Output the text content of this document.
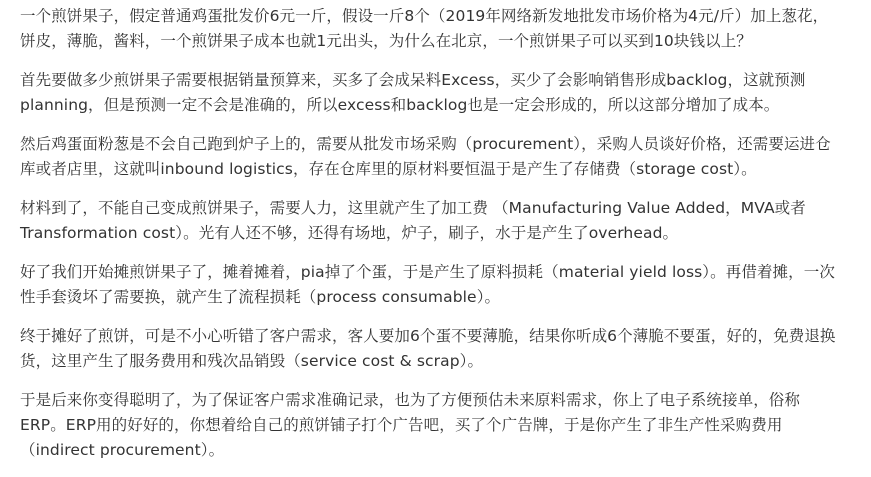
一个煎饼果子，假定普通鸡蛋批发价6元一斤，假设一斤8个（2019年网络新发地批发市场价格为4元/斤）加上葱花，
饼皮，薄脆，酱料，一个煎饼果子成本也就1元出头，为什么在北京，一个煎饼果子可以买到10块钱以上？

首先要做多少煎饼果子需要根据销量预算来，买多了会成呆料Excess，买少了会影响销售形成backlog，这就预测
planning，但是预测一定不会是准确的，所以excess和backlog也是一定会形成的，所以这部分增加了成本。

然后鸡蛋面粉葱是不会自己跑到炉子上的，需要从批发市场采购（procurement），采购人员谈好价格，还需要运进仓
库或者店里，这就叫inbound logistics，存在仓库里的原材料要恒温于是产生了存储费（storage cost）。

材料到了，不能自己变成煎饼果子，需要人力，这里就产生了加工费 （Manufacturing Value Added，MVA或者
Transformation cost）。光有人还不够，还得有场地，炉子，刷子，水于是产生了overhead。

好了我们开始摊煎饼果子了，摊着摊着，pia掉了个蛋，于是产生了原料损耗（material yield loss）。再借着摊，一次
性手套烫坏了需要换，就产生了流程损耗（process consumable）。

终于摊好了煎饼，可是不小心听错了客户需求，客人要加6个蛋不要薄脆，结果你听成6个薄脆不要蛋，好的，免费退换
货，这里产生了服务费用和残次品销毁（service cost & scrap）。

于是后来你变得聪明了，为了保证客户需求准确记录，也为了方便预估未来原料需求，你上了电子系统接单，俗称
ERP。ERP用的好好的，你想着给自己的煎饼铺子打个广告吧，买了个广告牌，于是你产生了非生产性采购费用
（indirect procurement）。
